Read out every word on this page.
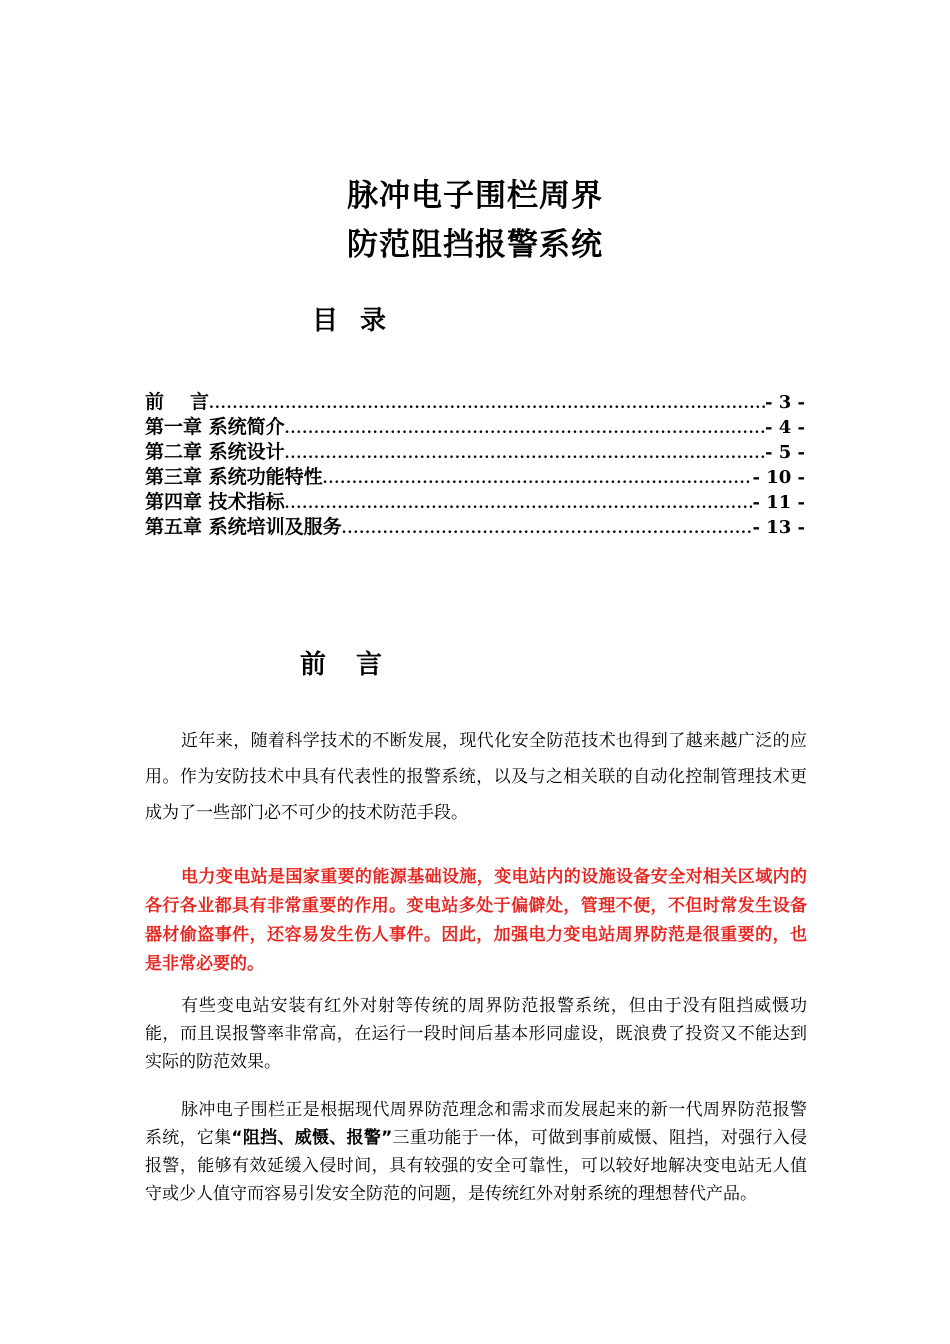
脉冲电子围栏周界
防范阻挡报警系统
目录
前 言 .....	- 3 -
第一章 系统简介 .....	- 4 -
第二章 系统设计 .....	- 5 -
第三章 系统功能特性 .....	- 10 -
第四章 技术指标 .....	- 11 -
第五章 系统培训及服务 .....	- 13 -
前言

近年来，随着科学技术的不断发展，现代化安全防范技术也得到了越来越广泛的应用。作为安防技术中具有代表性的报警系统，以及与之相关联的自动化控制管理技术更成为了一些部门必不可少的技术防范手段。

电力变电站是国家重要的能源基础设施，变电站内的设施设备安全对相关区域内的各行各业都具有非常重要的作用。变电站多处于偏僻处，管理不便，不但时常发生设备器材偷盗事件，还容易发生伤人事件。因此，加强电力变电站周界防范是很重要的，也是非常必要的。

有些变电站安装有红外对射等传统的周界防范报警系统，但由于没有阻挡威慑功能，而且误报警率非常高，在运行一段时间后基本形同虚设，既浪费了投资又不能达到实际的防范效果。

脉冲电子围栏正是根据现代周界防范理念和需求而发展起来的新一代周界防范报警系统，它集“阻挡、威慑、报警”三重功能于一体，可做到事前威慑、阻挡，对强行入侵报警，能够有效延缓入侵时间，具有较强的安全可靠性，可以较好地解决变电站无人值守或少人值守而容易引发安全防范的问题，是传统红外对射系统的理想替代产品。
